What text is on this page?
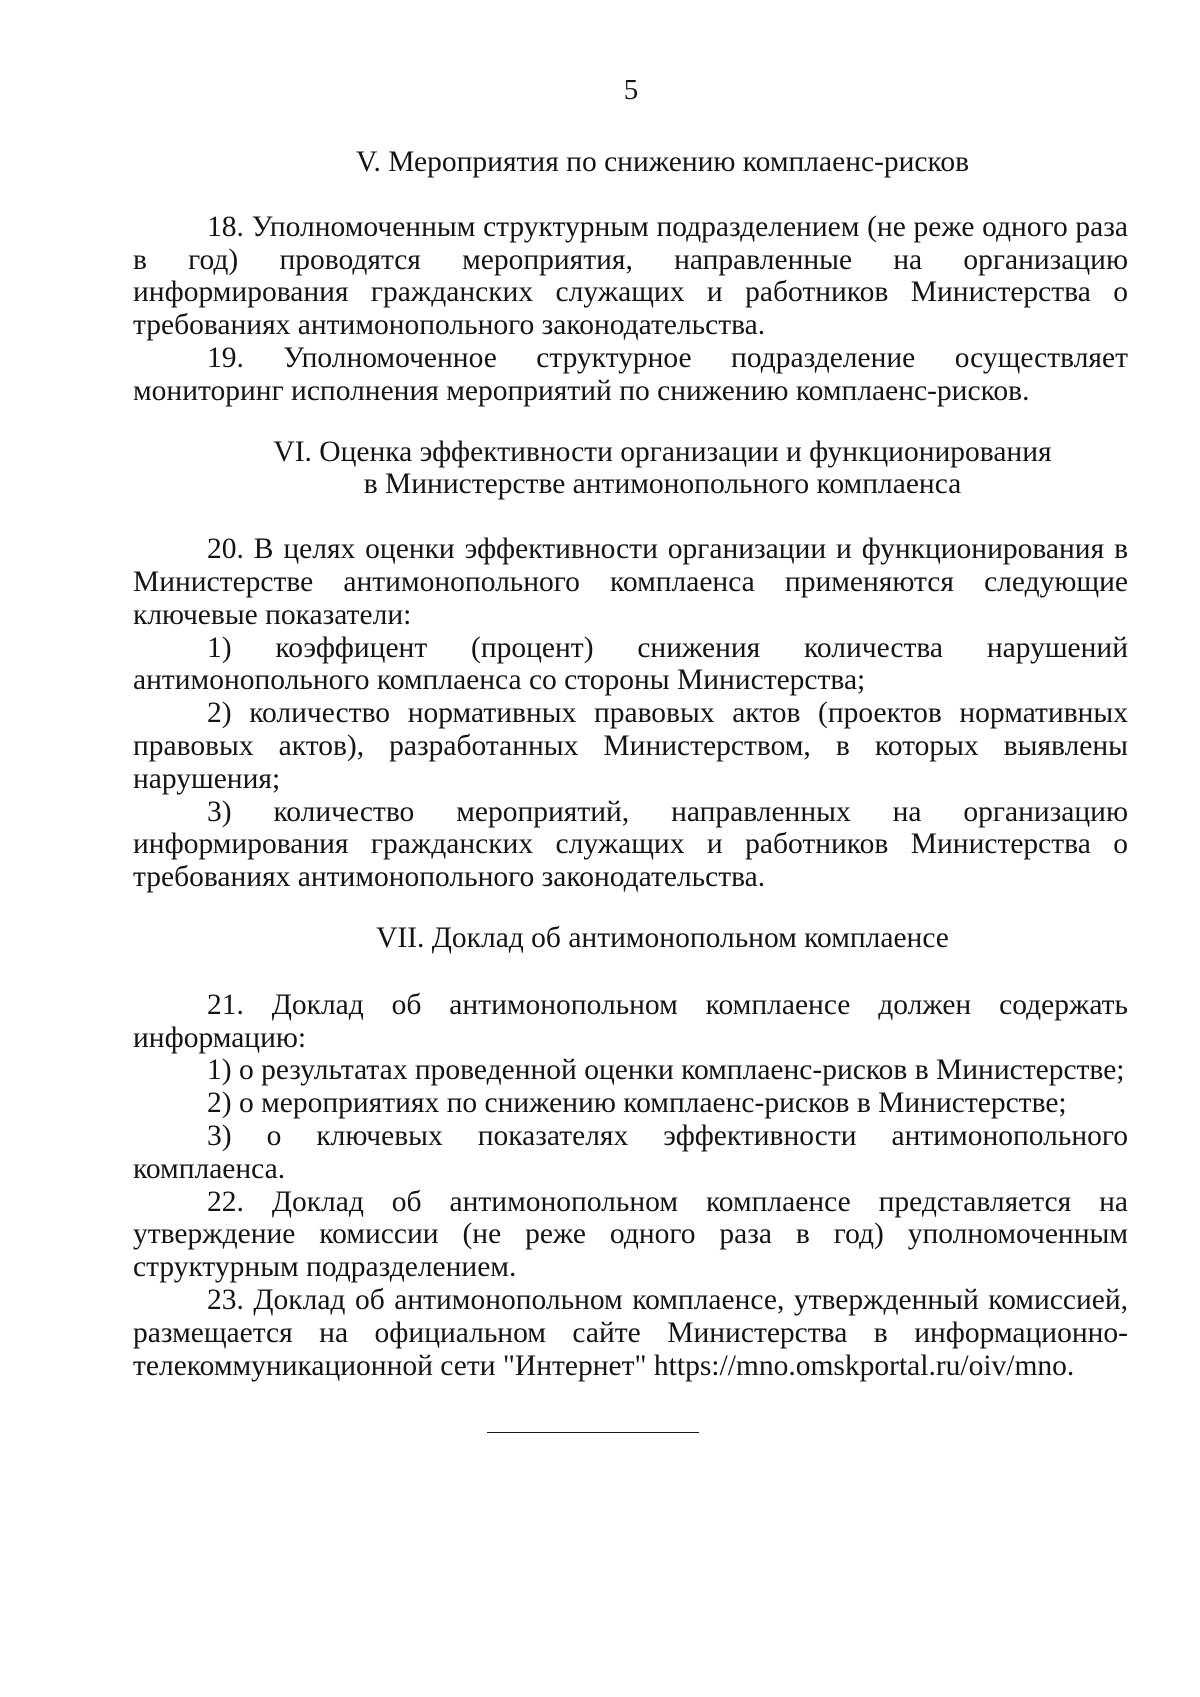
5

V. Мероприятия по снижению комплаенс-рисков

18. Уполномоченным структурным подразделением (не реже одного раза в год) проводятся мероприятия, направленные на организацию информирования гражданских служащих и работников Министерства о требованиях антимонопольного законодательства.

19. Уполномоченное структурное подразделение осуществляет мониторинг исполнения мероприятий по снижению комплаенс-рисков.

VI. Оценка эффективности организации и функционирования
в Министерстве антимонопольного комплаенса

20. В целях оценки эффективности организации и функционирования в Министерстве антимонопольного комплаенса применяются следующие ключевые показатели:

1) коэффицент (процент) снижения количества нарушений антимонопольного комплаенса со стороны Министерства;

2) количество нормативных правовых актов (проектов нормативных правовых актов), разработанных Министерством, в которых выявлены нарушения;

3) количество мероприятий, направленных на организацию информирования гражданских служащих и работников Министерства о требованиях антимонопольного законодательства.

VII. Доклад об антимонопольном комплаенсе

21. Доклад об антимонопольном комплаенсе должен содержать информацию:

1) о результатах проведенной оценки комплаенс-рисков в Министерстве;

2) о мероприятиях по снижению комплаенс-рисков в Министерстве;

3) о ключевых показателях эффективности антимонопольного комплаенса.

22. Доклад об антимонопольном комплаенсе представляется на утверждение комиссии (не реже одного раза в год) уполномоченным структурным подразделением.

23. Доклад об антимонопольном комплаенсе, утвержденный комиссией, размещается на официальном сайте Министерства в информационно-телекоммуникационной сети "Интернет" https://mno.omskportal.ru/oiv/mno.
